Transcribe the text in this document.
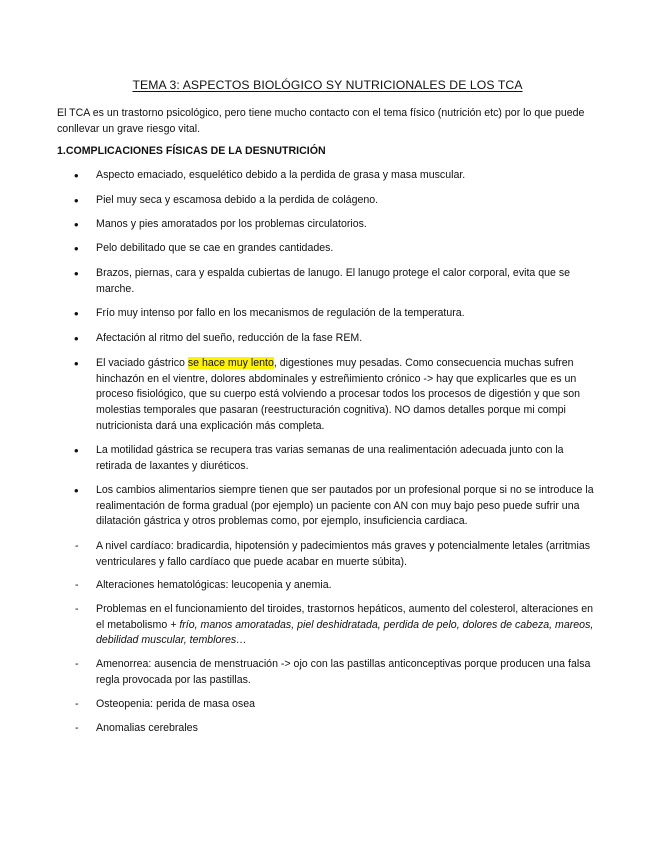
TEMA 3: ASPECTOS BIOLÓGICO SY NUTRICIONALES DE LOS TCA
El TCA es un trastorno psicológico, pero tiene mucho contacto con el tema físico (nutrición etc) por lo que puede conllevar un grave riesgo vital.
1.COMPLICACIONES FÍSICAS DE LA DESNUTRICIÓN
•	Aspecto emaciado, esquelético debido a la perdida de grasa y masa muscular.
•	Piel muy seca y escamosa debido a la perdida de colágeno.
•	Manos y pies amoratados por los problemas circulatorios.
•	Pelo debilitado que se cae en grandes cantidades.
•	Brazos, piernas, cara y espalda cubiertas de lanugo. El lanugo protege el calor corporal, evita que se marche.
•	Frío muy intenso por fallo en los mecanismos de regulación de la temperatura.
•	Afectación al ritmo del sueño, reducción de la fase REM.
•	El vaciado gástrico se hace muy lento, digestiones muy pesadas. Como consecuencia muchas sufren hinchazón en el vientre, dolores abdominales y estreñimiento crónico -> hay que explicarles que es un proceso fisiológico, que su cuerpo está volviendo a procesar todos los procesos de digestión y que son molestias temporales que pasaran (reestructuración cognitiva). NO damos detalles porque mi compi nutricionista dará una explicación más completa.
•	La motilidad gástrica se recupera tras varias semanas de una realimentación adecuada junto con la retirada de laxantes y diuréticos.
•	Los cambios alimentarios siempre tienen que ser pautados por un profesional porque si no se introduce la realimentación de forma gradual (por ejemplo) un paciente con AN con muy bajo peso puede sufrir una dilatación gástrica y otros problemas como, por ejemplo, insuficiencia cardiaca.
-	A nivel cardíaco: bradicardia, hipotensión y padecimientos más graves y potencialmente letales (arritmias ventriculares y fallo cardíaco que puede acabar en muerte súbita).
-	Alteraciones hematológicas: leucopenia y anemia.
-	Problemas en el funcionamiento del tiroides, trastornos hepáticos, aumento del colesterol, alteraciones en el metabolismo + frío, manos amoratadas, piel deshidratada, perdida de pelo, dolores de cabeza, mareos, debilidad muscular, temblores…
-	Amenorrea: ausencia de menstruación -> ojo con las pastillas anticonceptivas porque producen una falsa regla provocada por las pastillas.
-	Osteopenia: perida de masa osea
-	Anomalias cerebrales
